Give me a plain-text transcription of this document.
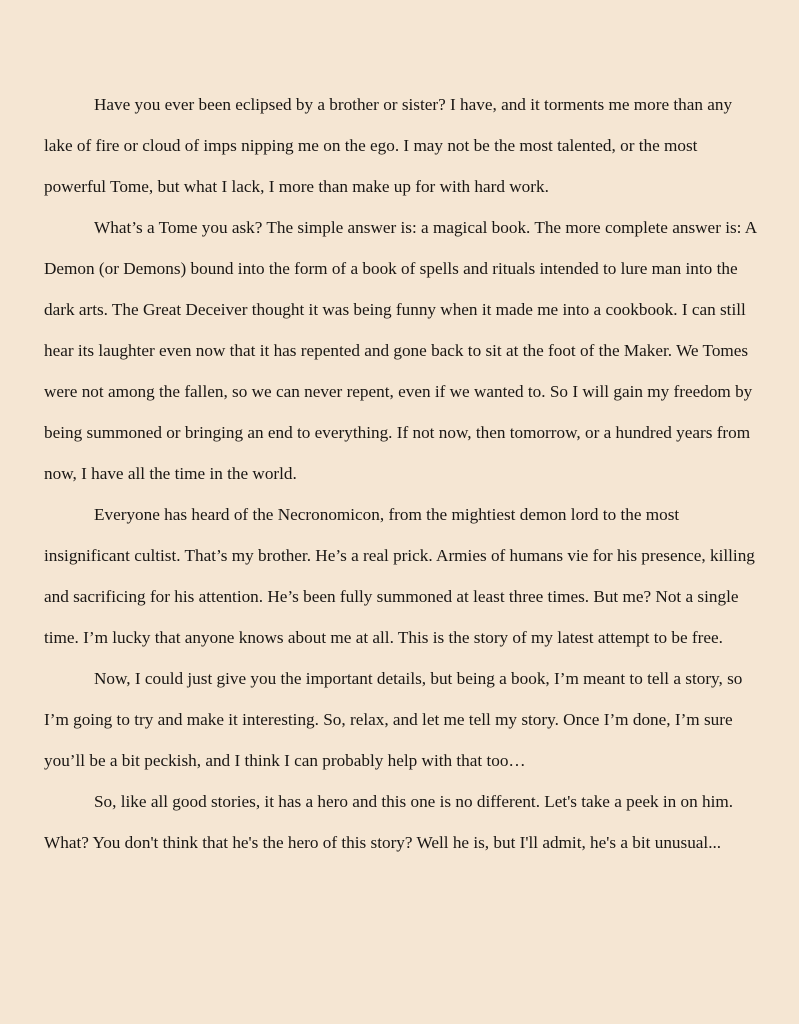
Have you ever been eclipsed by a brother or sister? I have, and it torments me more than any lake of fire or cloud of imps nipping me on the ego. I may not be the most talented, or the most powerful Tome, but what I lack, I more than make up for with hard work.

What’s a Tome you ask? The simple answer is: a magical book. The more complete answer is: A Demon (or Demons) bound into the form of a book of spells and rituals intended to lure man into the dark arts. The Great Deceiver thought it was being funny when it made me into a cookbook. I can still hear its laughter even now that it has repented and gone back to sit at the foot of the Maker. We Tomes were not among the fallen, so we can never repent, even if we wanted to. So I will gain my freedom by being summoned or bringing an end to everything. If not now, then tomorrow, or a hundred years from now, I have all the time in the world.

Everyone has heard of the Necronomicon, from the mightiest demon lord to the most insignificant cultist. That’s my brother. He’s a real prick. Armies of humans vie for his presence, killing and sacrificing for his attention. He’s been fully summoned at least three times. But me? Not a single time. I’m lucky that anyone knows about me at all. This is the story of my latest attempt to be free.

Now, I could just give you the important details, but being a book, I’m meant to tell a story, so I’m going to try and make it interesting. So, relax, and let me tell my story. Once I’m done, I’m sure you’ll be a bit peckish, and I think I can probably help with that too…

So, like all good stories, it has a hero and this one is no different. Let's take a peek in on him. What? You don't think that he's the hero of this story? Well he is, but I'll admit, he's a bit unusual...
